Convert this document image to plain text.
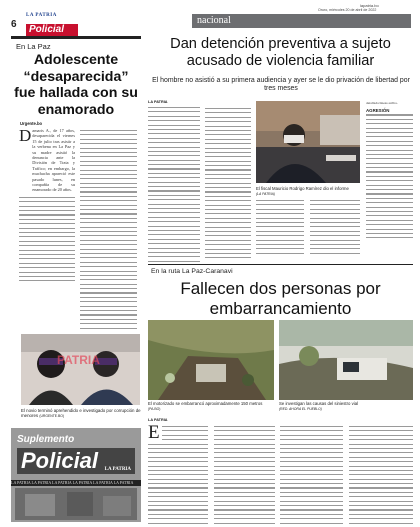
6
LA PATRIA
Policial
nacional
lapatria.bo
Oruro, miércoles 20 de abril de 2022
En La Paz
Adolescente “desaparecida” fue hallada con su enamorado
Urgente.bo
D amaris A., de 17 años, desaparecida el viernes 15 de julio tras asistir a la verbena en La Paz y su madre asistió la denuncia ante la División de Trata y Tráfico; en embargo, la muchacha apareció este pasado lunes, en compañía de su enamorado de 20 años.
PATRIA
El novio terminó aprehendido e investigado por corrupción de menores (URGENTE.BO)
Dan detención preventiva a sujeto acusado de violencia familiar
El hombre no asistió a su primera audiencia y ayer se le dio privación de libertad por tres meses
LA PATRIA
El fiscal Mauricio Rodrigo Ramírez dio el informe
(LA PATRIA)
detallada líneas arriba.
AGRESIÓN
En la ruta La Paz-Caranavi
Fallecen dos personas por embarrancamiento
El motorizado se embarrancó aproximadamente 150 metros (PA.BO)
Se investigan las causas del siniestro vial
(RED. AHORA EL PUEBLO)
LA PATRIA
E
Suplemento
Policial LA PATRIA
LA PATRIA LA PATRIA LA PATRIA LA PATRIA LA PATRIA LA PATRIA
